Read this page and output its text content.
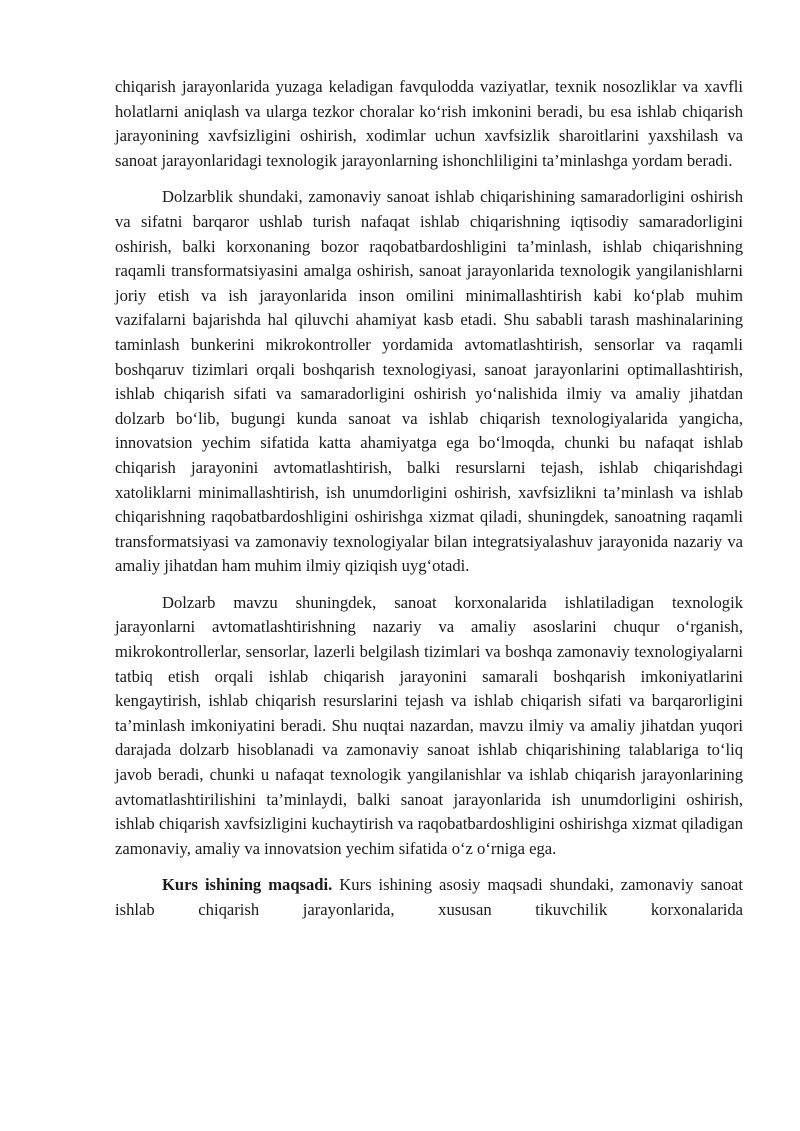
chiqarish jarayonlarida yuzaga keladigan favqulodda vaziyatlar, texnik nosozliklar va xavfli holatlarni aniqlash va ularga tezkor choralar ko‘rish imkonini beradi, bu esa ishlab chiqarish jarayonining xavfsizligini oshirish, xodimlar uchun xavfsizlik sharoitlarini yaxshilash va sanoat jarayonlaridagi texnologik jarayonlarning ishonchliligini ta’minlashga yordam beradi.

Dolzarblik shundaki, zamonaviy sanoat ishlab chiqarishining samaradorligini oshirish va sifatni barqaror ushlab turish nafaqat ishlab chiqarishning iqtisodiy samaradorligini oshirish, balki korxonaning bozor raqobatbardoshligini ta’minlash, ishlab chiqarishning raqamli transformatsiyasini amalga oshirish, sanoat jarayonlarida texnologik yangilanishlarni joriy etish va ish jarayonlarida inson omilini minimallashtirish kabi ko‘plab muhim vazifalarni bajarishda hal qiluvchi ahamiyat kasb etadi. Shu sababli tarash mashinalarining taminlash bunkerini mikrokontroller yordamida avtomatlashtirish, sensorlar va raqamli boshqaruv tizimlari orqali boshqarish texnologiyasi, sanoat jarayonlarini optimallashtirish, ishlab chiqarish sifati va samaradorligini oshirish yo‘nalishida ilmiy va amaliy jihatdan dolzarb bo‘lib, bugungi kunda sanoat va ishlab chiqarish texnologiyalarida yangicha, innovatsion yechim sifatida katta ahamiyatga ega bo‘lmoqda, chunki bu nafaqat ishlab chiqarish jarayonini avtomatlashtirish, balki resurslarni tejash, ishlab chiqarishdagi xatoliklarni minimallashtirish, ish unumdorligini oshirish, xavfsizlikni ta’minlash va ishlab chiqarishning raqobatbardoshligini oshirishga xizmat qiladi, shuningdek, sanoatning raqamli transformatsiyasi va zamonaviy texnologiyalar bilan integratsiyalashuv jarayonida nazariy va amaliy jihatdan ham muhim ilmiy qiziqish uyg‘otadi.

Dolzarb mavzu shuningdek, sanoat korxonalarida ishlatiladigan texnologik jarayonlarni avtomatlashtirishning nazariy va amaliy asoslarini chuqur o‘rganish, mikrokontrollerlar, sensorlar, lazerli belgilash tizimlari va boshqa zamonaviy texnologiyalarni tatbiq etish orqali ishlab chiqarish jarayonini samarali boshqarish imkoniyatlarini kengaytirish, ishlab chiqarish resurslarini tejash va ishlab chiqarish sifati va barqarorligini ta’minlash imkoniyatini beradi. Shu nuqtai nazardan, mavzu ilmiy va amaliy jihatdan yuqori darajada dolzarb hisoblanadi va zamonaviy sanoat ishlab chiqarishining talablariga to‘liq javob beradi, chunki u nafaqat texnologik yangilanishlar va ishlab chiqarish jarayonlarining avtomatlashtirilishini ta’minlaydi, balki sanoat jarayonlarida ish unumdorligini oshirish, ishlab chiqarish xavfsizligini kuchaytirish va raqobatbardoshligini oshirishga xizmat qiladigan zamonaviy, amaliy va innovatsion yechim sifatida o‘z o‘rniga ega.

Kurs ishining maqsadi. Kurs ishining asosiy maqsadi shundaki, zamonaviy sanoat ishlab chiqarish jarayonlarida, xususan tikuvchilik korxonalarida
